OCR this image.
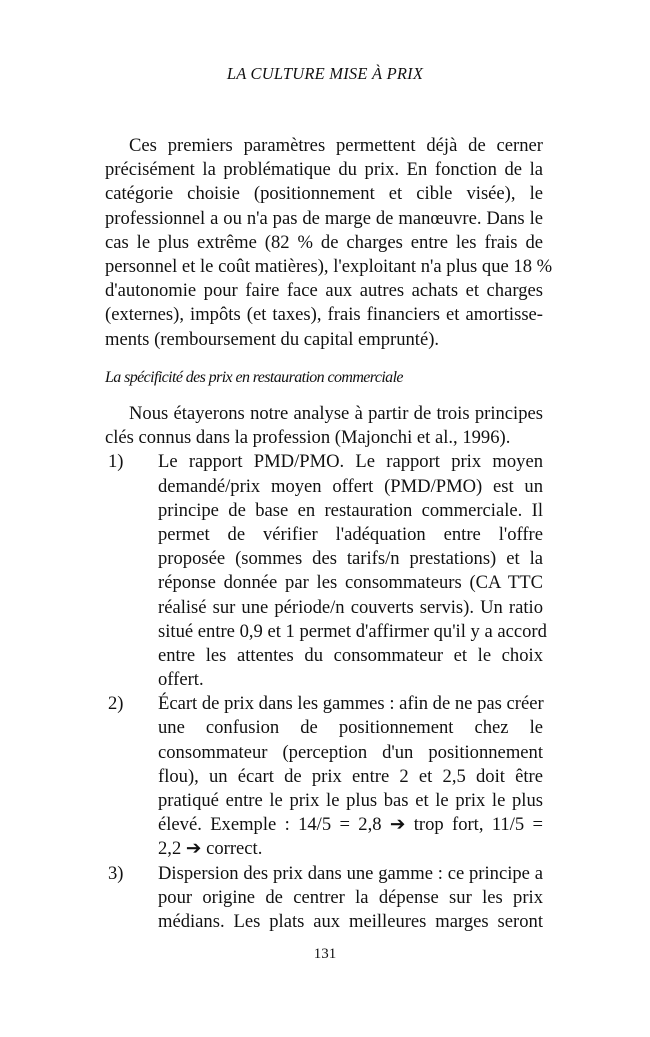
LA CULTURE MISE À PRIX
Ces premiers paramètres permettent déjà de cerner
précisément la problématique du prix. En fonction de la
catégorie choisie (positionnement et cible visée), le
professionnel a ou n'a pas de marge de manœuvre. Dans le
cas le plus extrême (82 % de charges entre les frais de
personnel et le coût matières), l'exploitant n'a plus que 18 %
d'autonomie pour faire face aux autres achats et charges
(externes), impôts (et taxes), frais financiers et amortisse-
ments (remboursement du capital emprunté).
La spécificité des prix en restauration commerciale
Nous étayerons notre analyse à partir de trois principes
clés connus dans la profession (Majonchi et al., 1996).
1) Le rapport PMD/PMO. Le rapport prix moyen
demandé/prix moyen offert (PMD/PMO) est un
principe de base en restauration commerciale. Il
permet de vérifier l'adéquation entre l'offre
proposée (sommes des tarifs/n prestations) et la
réponse donnée par les consommateurs (CA TTC
réalisé sur une période/n couverts servis). Un ratio
situé entre 0,9 et 1 permet d'affirmer qu'il y a accord
entre les attentes du consommateur et le choix
offert.
2) Écart de prix dans les gammes : afin de ne pas créer
une confusion de positionnement chez le
consommateur (perception d'un positionnement
flou), un écart de prix entre 2 et 2,5 doit être
pratiqué entre le prix le plus bas et le prix le plus
élevé. Exemple : 14/5 = 2,8 ➔ trop fort, 11/5 =
2,2 ➔ correct.
3) Dispersion des prix dans une gamme : ce principe a
pour origine de centrer la dépense sur les prix
médians. Les plats aux meilleures marges seront
131
